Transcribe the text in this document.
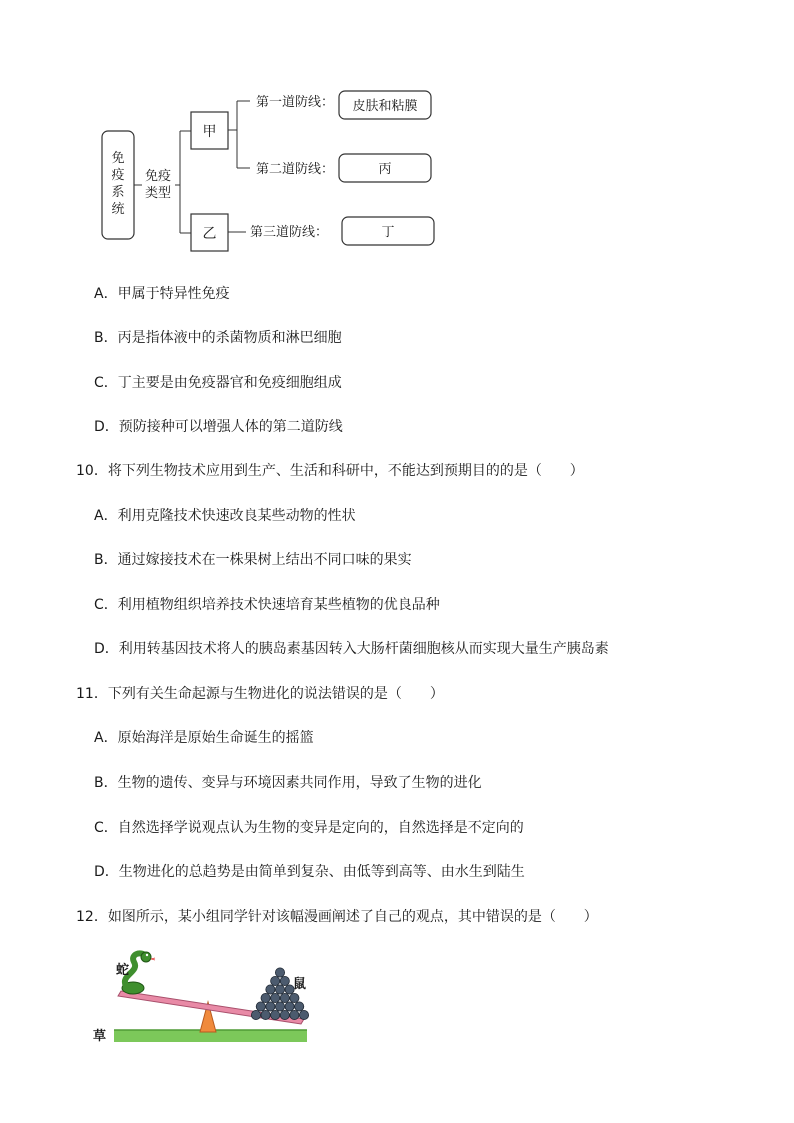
免
疫
系
统
免疫
类型
甲
乙
第一道防线： 皮肤和粘膜
第二道防线：	丙
第三道防线：	丁
A．甲属于特异性免疫
B．丙是指体液中的杀菌物质和淋巴细胞
C．丁主要是由免疫器官和免疫细胞组成
D．预防接种可以增强人体的第二道防线
10．将下列生物技术应用到生产、生活和科研中，不能达到预期目的的是（　　）
A．利用克隆技术快速改良某些动物的性状
B．通过嫁接技术在一株果树上结出不同口味的果实
C．利用植物组织培养技术快速培育某些植物的优良品种
D．利用转基因技术将人的胰岛素基因转入大肠杆菌细胞核从而实现大量生产胰岛素
11．下列有关生命起源与生物进化的说法错误的是（　　）
A．原始海洋是原始生命诞生的摇篮
B．生物的遗传、变异与环境因素共同作用，导致了生物的进化
C．自然选择学说观点认为生物的变异是定向的，自然选择是不定向的
D．生物进化的总趋势是由简单到复杂、由低等到高等、由水生到陆生
12．如图所示，某小组同学针对该幅漫画阐述了自己的观点，其中错误的是（　　）
蛇
鼠
草
